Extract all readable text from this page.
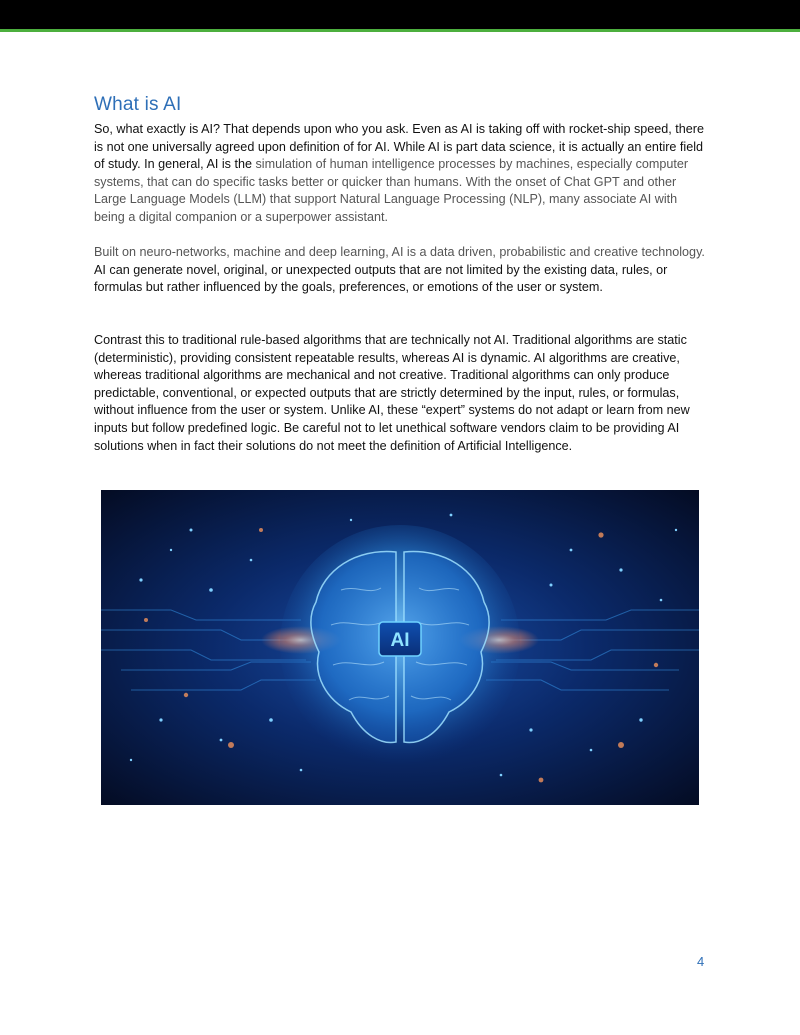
What is AI

So, what exactly is AI? That depends upon who you ask. Even as AI is taking off with rocket-ship speed, there is not one universally agreed upon definition of for AI. While AI is part data science, it is actually an entire field of study. In general, AI is the simulation of human intelligence processes by machines, especially computer systems, that can do specific tasks better or quicker than humans. With the onset of Chat GPT and other Large Language Models (LLM) that support Natural Language Processing (NLP), many associate AI with being a digital companion or a superpower assistant.

Built on neuro-networks, machine and deep learning, AI is a data driven, probabilistic and creative technology. AI can generate novel, original, or unexpected outputs that are not limited by the existing data, rules, or formulas but rather influenced by the goals, preferences, or emotions of the user or system.

Contrast this to traditional rule-based algorithms that are technically not AI. Traditional algorithms are static (deterministic), providing consistent repeatable results, whereas AI is dynamic. AI algorithms are creative, whereas traditional algorithms are mechanical and not creative. Traditional algorithms can only produce predictable, conventional, or expected outputs that are strictly determined by the input, rules, or formulas, without influence from the user or system. Unlike AI, these “expert” systems do not adapt or learn from new inputs but follow predefined logic. Be careful not to let unethical software vendors claim to be providing AI solutions when in fact their solutions do not meet the definition of Artificial Intelligence.

AI
4
